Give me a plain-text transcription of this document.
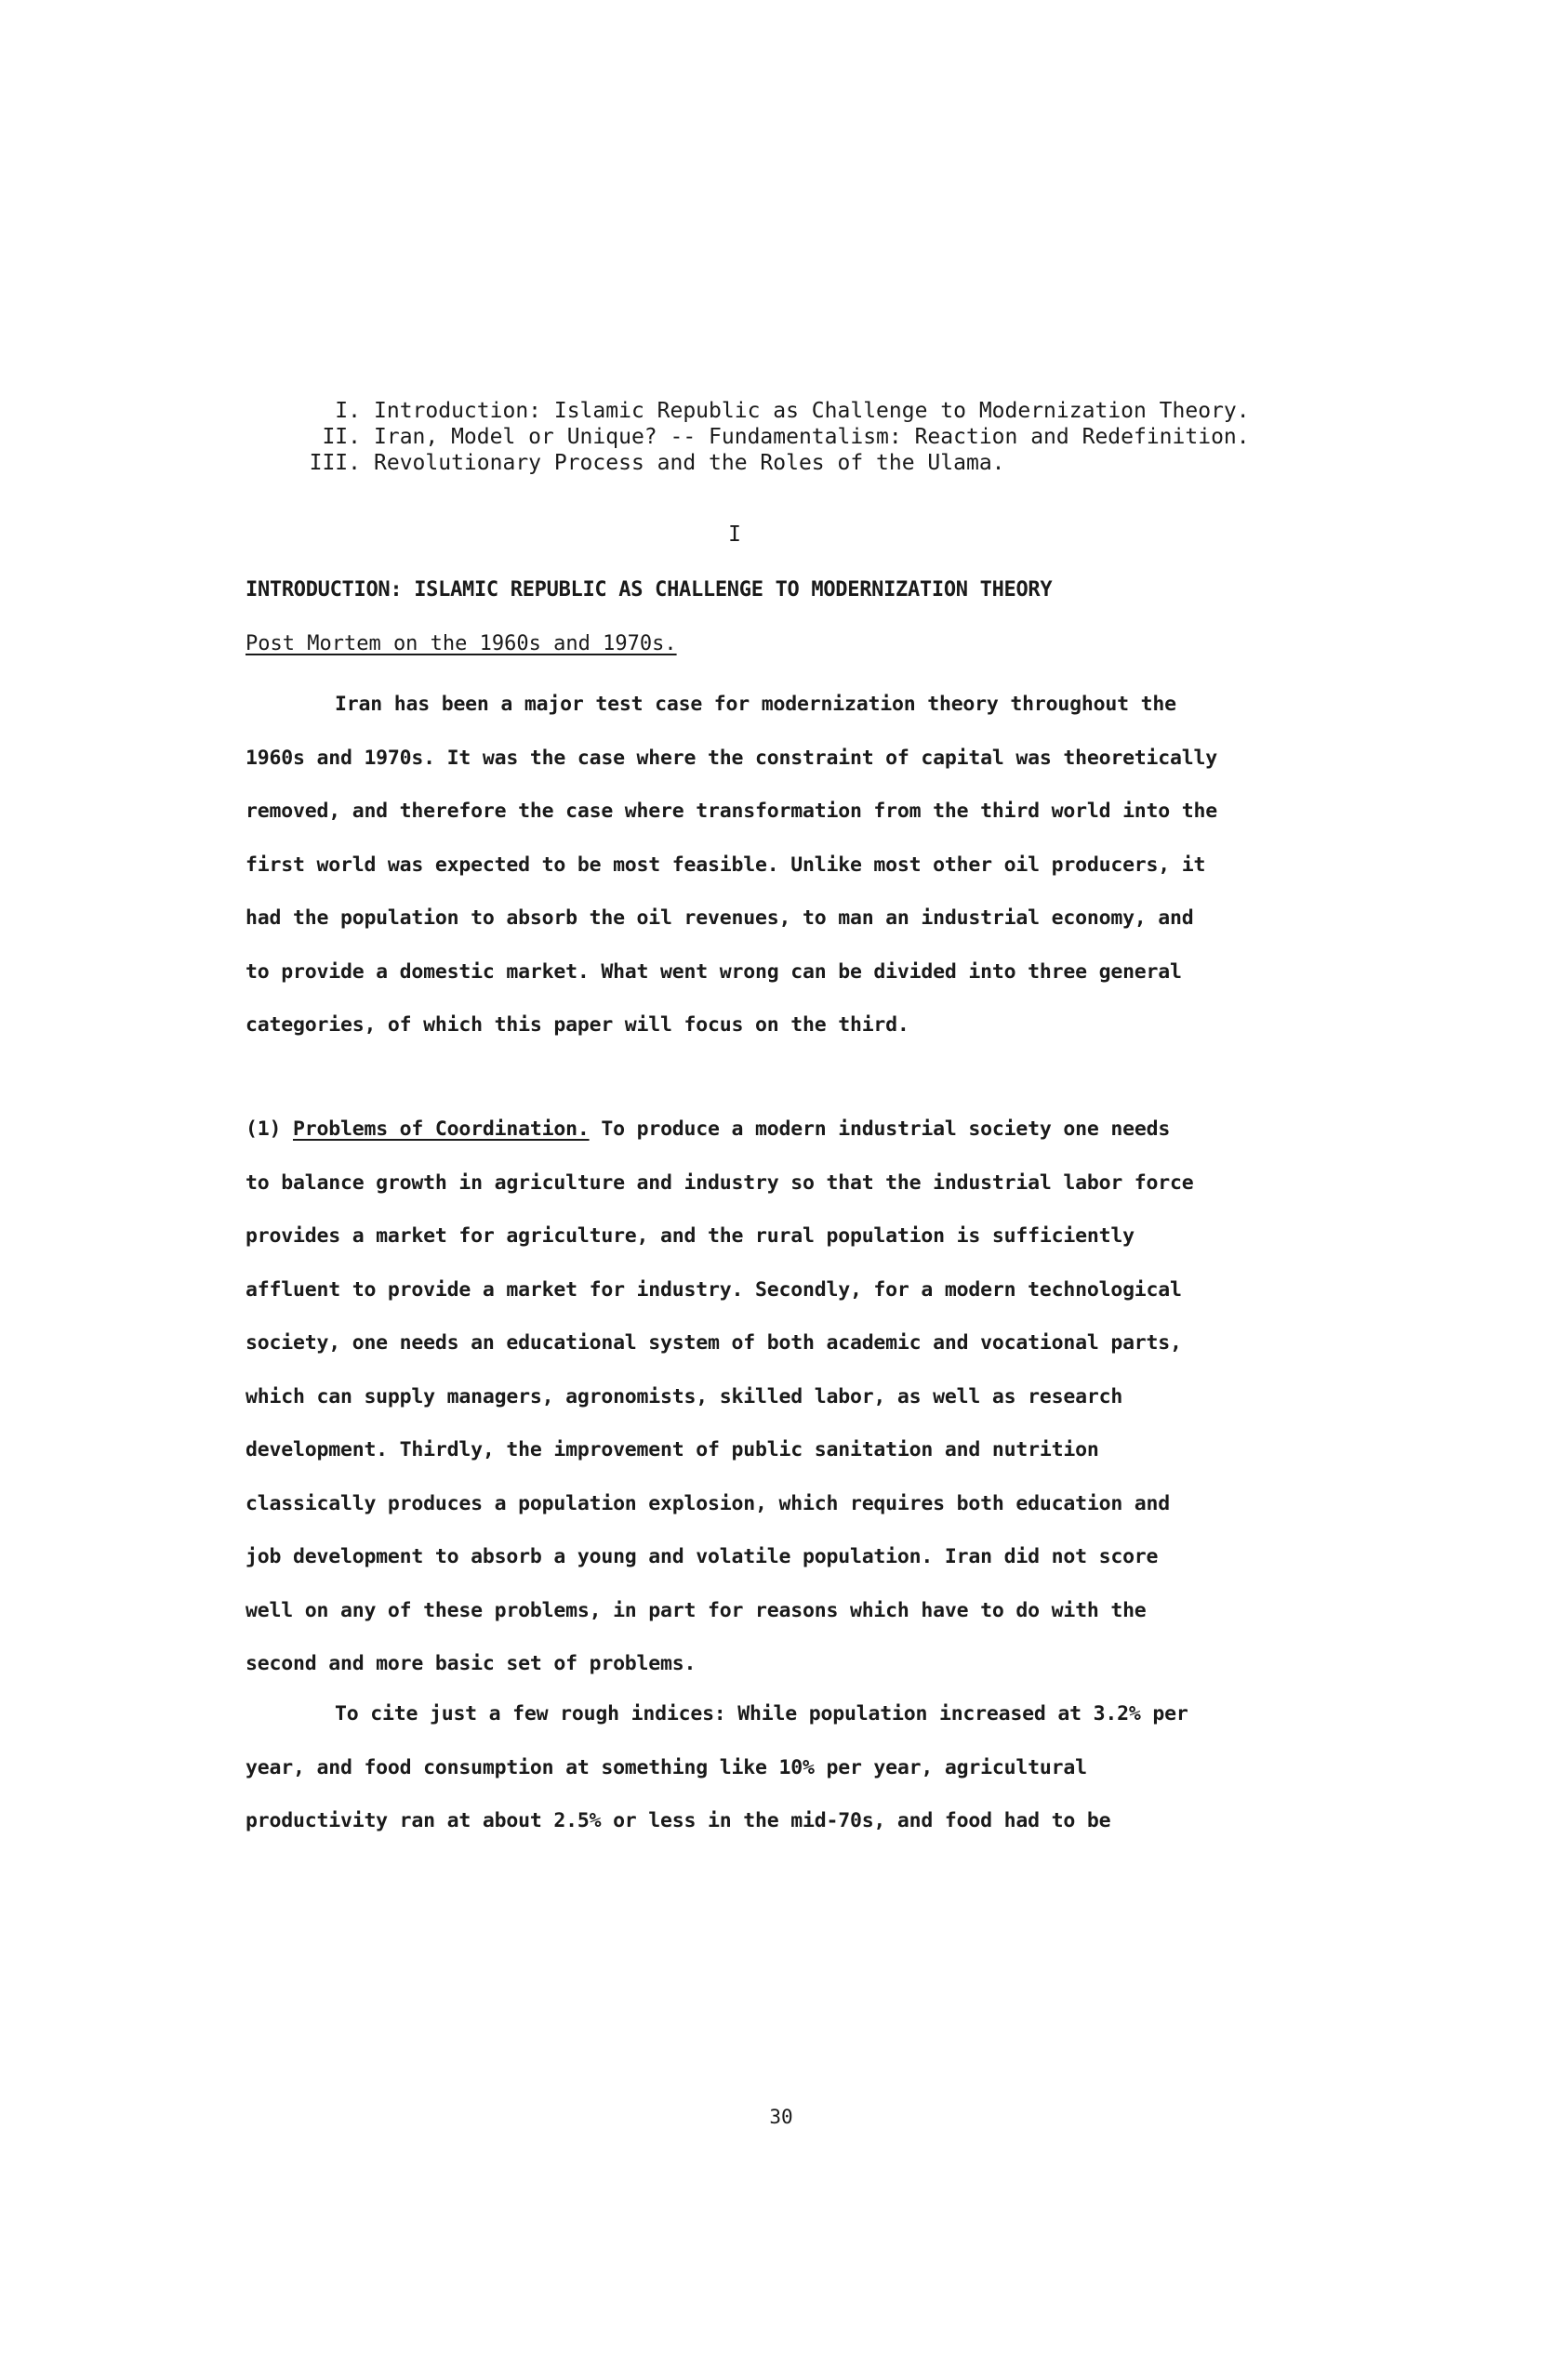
I. Introduction: Islamic Republic as Challenge to Modernization Theory.
II. Iran, Model or Unique? -- Fundamentalism: Reaction and Redefinition.
III. Revolutionary Process and the Roles of the Ulama.
I
INTRODUCTION: ISLAMIC REPUBLIC AS CHALLENGE TO MODERNIZATION THEORY
Post Mortem on the 1960s and 1970s.
Iran has been a major test case for modernization theory throughout the
1960s and 1970s. It was the case where the constraint of capital was theoretically
removed, and therefore the case where transformation from the third world into the
first world was expected to be most feasible. Unlike most other oil producers, it
had the population to absorb the oil revenues, to man an industrial economy, and
to provide a domestic market. What went wrong can be divided into three general
categories, of which this paper will focus on the third.
(1) Problems of Coordination. To produce a modern industrial society one needs
to balance growth in agriculture and industry so that the industrial labor force
provides a market for agriculture, and the rural population is sufficiently
affluent to provide a market for industry. Secondly, for a modern technological
society, one needs an educational system of both academic and vocational parts,
which can supply managers, agronomists, skilled labor, as well as research
development. Thirdly, the improvement of public sanitation and nutrition
classically produces a population explosion, which requires both education and
job development to absorb a young and volatile population. Iran did not score
well on any of these problems, in part for reasons which have to do with the
second and more basic set of problems.
To cite just a few rough indices: While population increased at 3.2% per
year, and food consumption at something like 10% per year, agricultural
productivity ran at about 2.5% or less in the mid-70s, and food had to be
30
